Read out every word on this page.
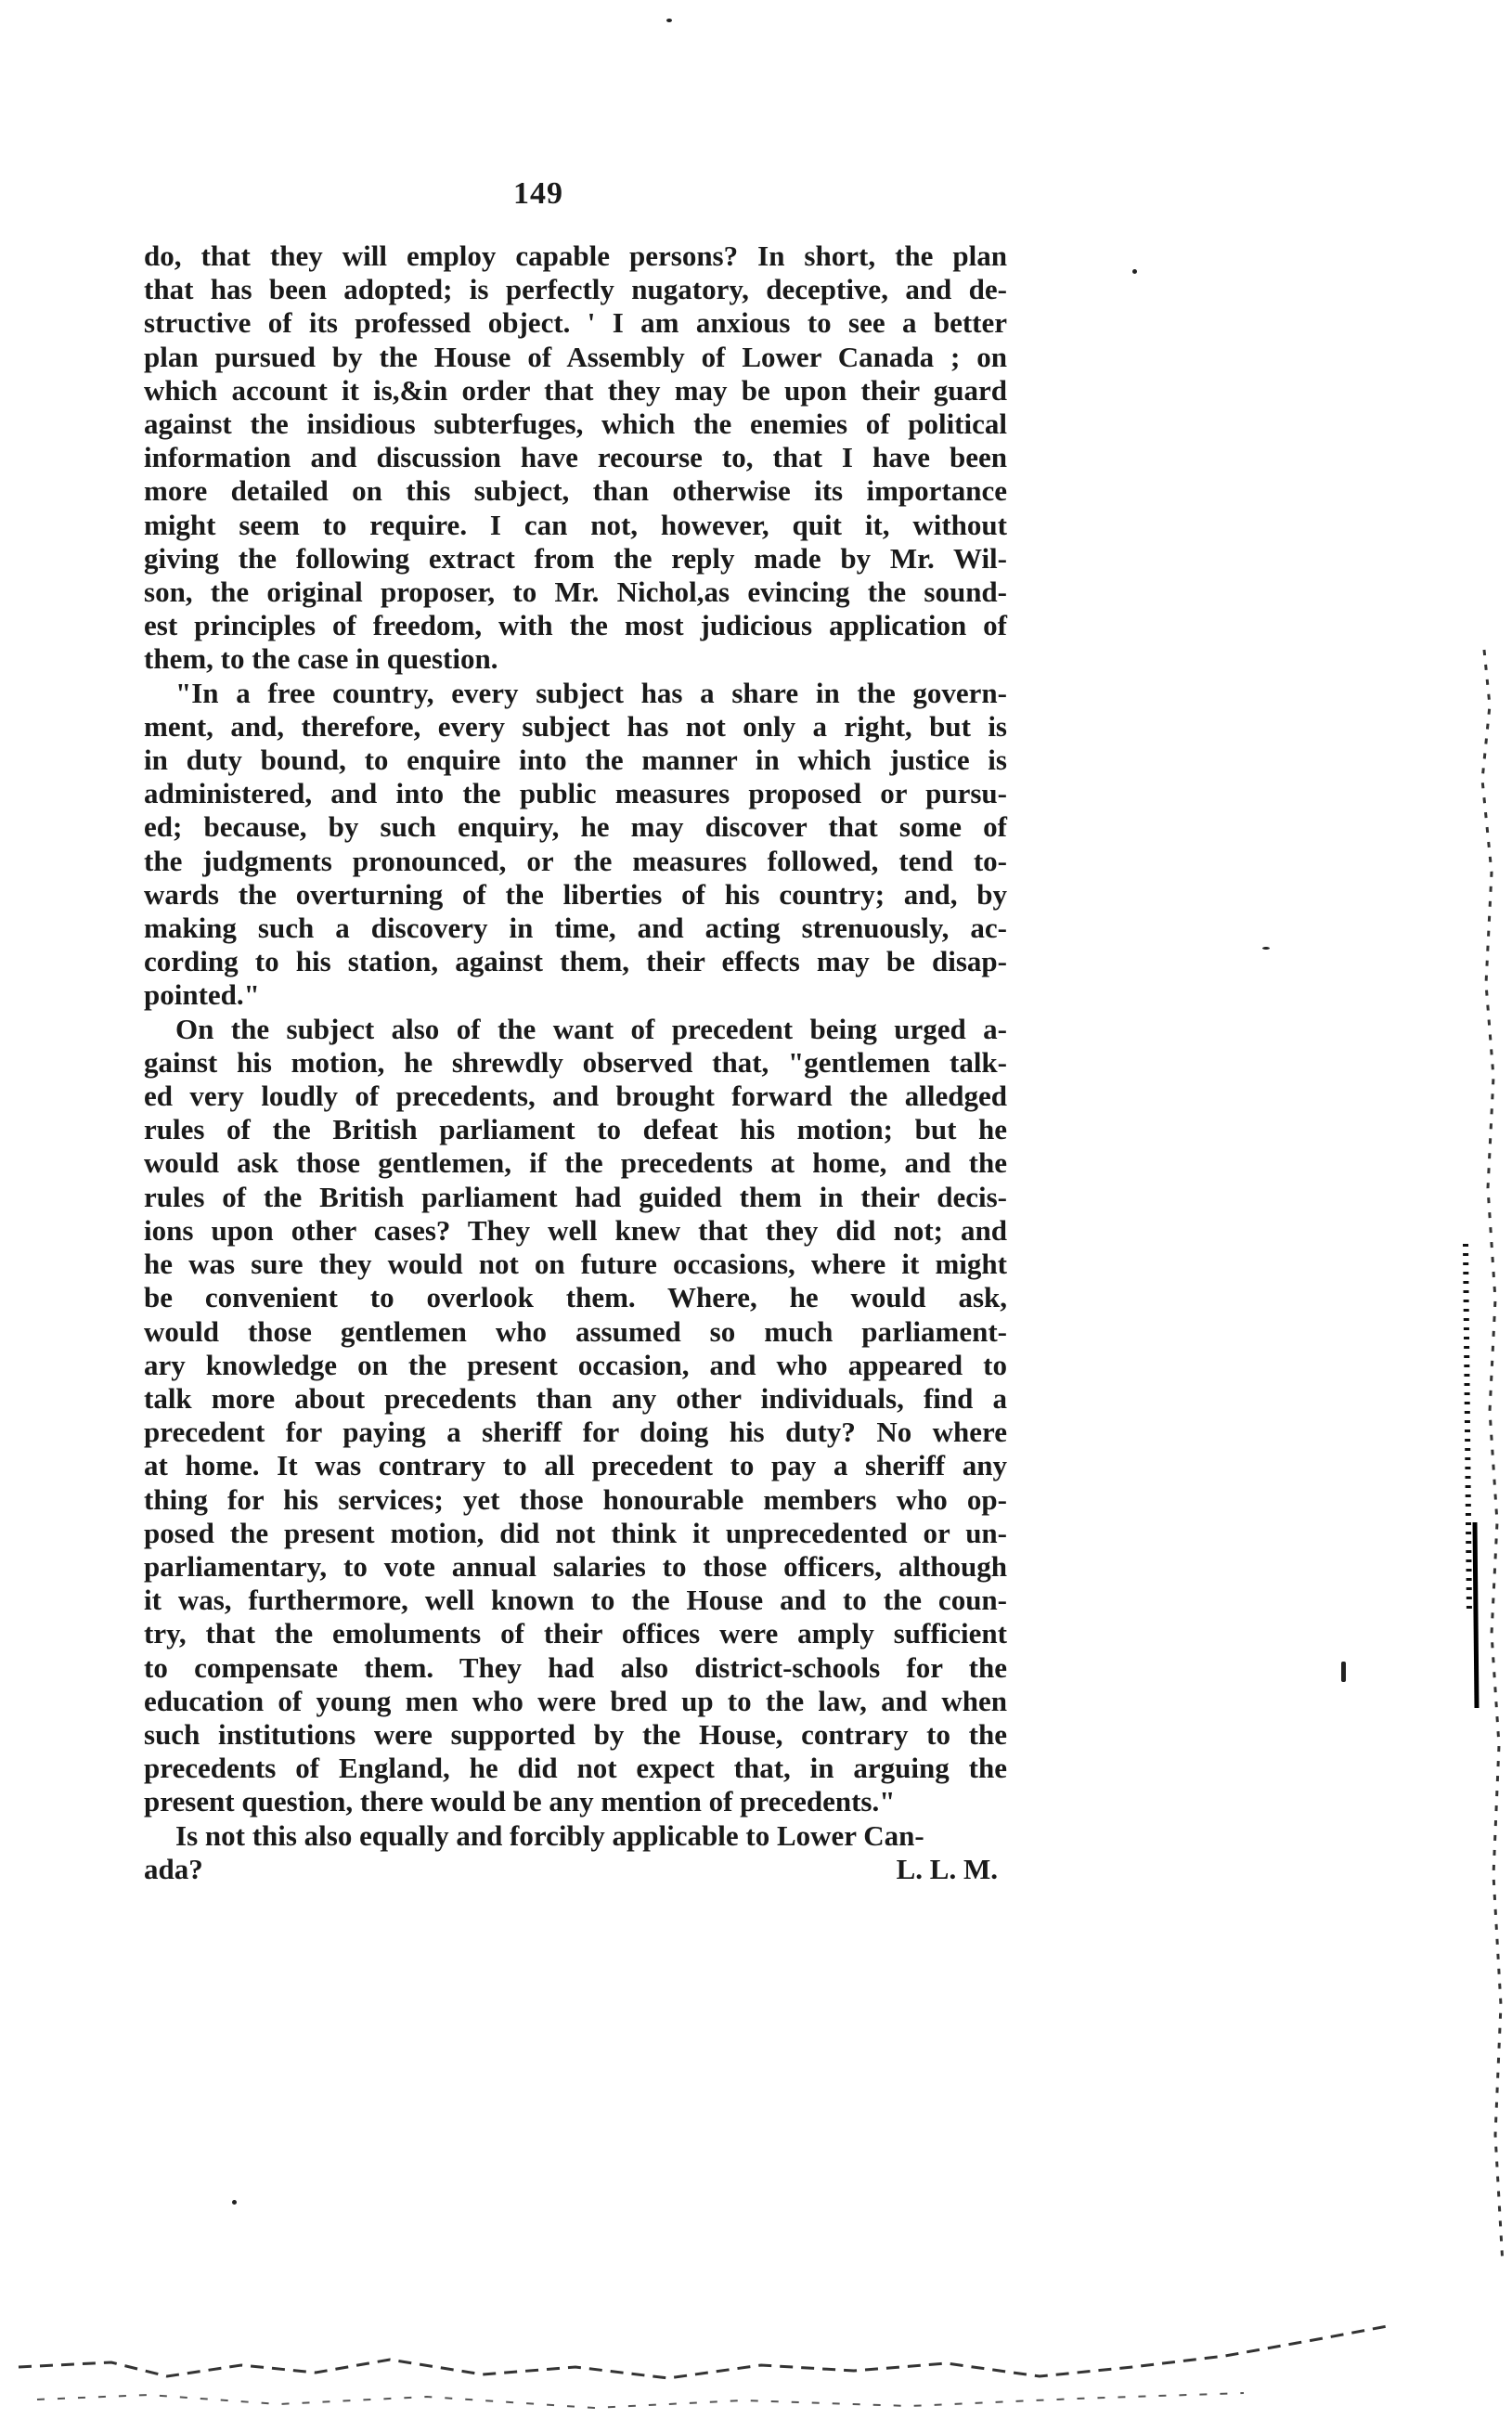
149
do, that they will employ capable persons? In short, the plan
that has been adopted; is perfectly nugatory, deceptive, and de-
structive of its professed object. ' I am anxious to see a better
plan pursued by the House of Assembly of Lower Canada ; on
which account it is,&in order that they may be upon their guard
against the insidious subterfuges, which the enemies of political
information and discussion have recourse to, that I have been
more detailed on this subject, than otherwise its importance
might seem to require. I can not, however, quit it, without
giving the following extract from the reply made by Mr. Wil-
son, the original proposer, to Mr. Nichol,as evincing the sound-
est principles of freedom, with the most judicious application of
them, to the case in question.
"In a free country, every subject has a share in the govern-
ment, and, therefore, every subject has not only a right, but is
in duty bound, to enquire into the manner in which justice is
administered, and into the public measures proposed or pursu-
ed; because, by such enquiry, he may discover that some of
the judgments pronounced, or the measures followed, tend to-
wards the overturning of the liberties of his country; and, by
making such a discovery in time, and acting strenuously, ac-
cording to his station, against them, their effects may be disap-
pointed."
On the subject also of the want of precedent being urged a-
gainst his motion, he shrewdly observed that, "gentlemen talk-
ed very loudly of precedents, and brought forward the alledged
rules of the British parliament to defeat his motion; but he
would ask those gentlemen, if the precedents at home, and the
rules of the British parliament had guided them in their decis-
ions upon other cases? They well knew that they did not; and
he was sure they would not on future occasions, where it might
be convenient to overlook them. Where, he would ask,
would those gentlemen who assumed so much parliament-
ary knowledge on the present occasion, and who appeared to
talk more about precedents than any other individuals, find a
precedent for paying a sheriff for doing his duty? No where
at home. It was contrary to all precedent to pay a sheriff any
thing for his services; yet those honourable members who op-
posed the present motion, did not think it unprecedented or un-
parliamentary, to vote annual salaries to those officers, although
it was, furthermore, well known to the House and to the coun-
try, that the emoluments of their offices were amply sufficient
to compensate them. They had also district-schools for the
education of young men who were bred up to the law, and when
such institutions were supported by the House, contrary to the
precedents of England, he did not expect that, in arguing the
present question, there would be any mention of precedents."
Is not this also equally and forcibly applicable to Lower Can-
ada?	L. L. M.
